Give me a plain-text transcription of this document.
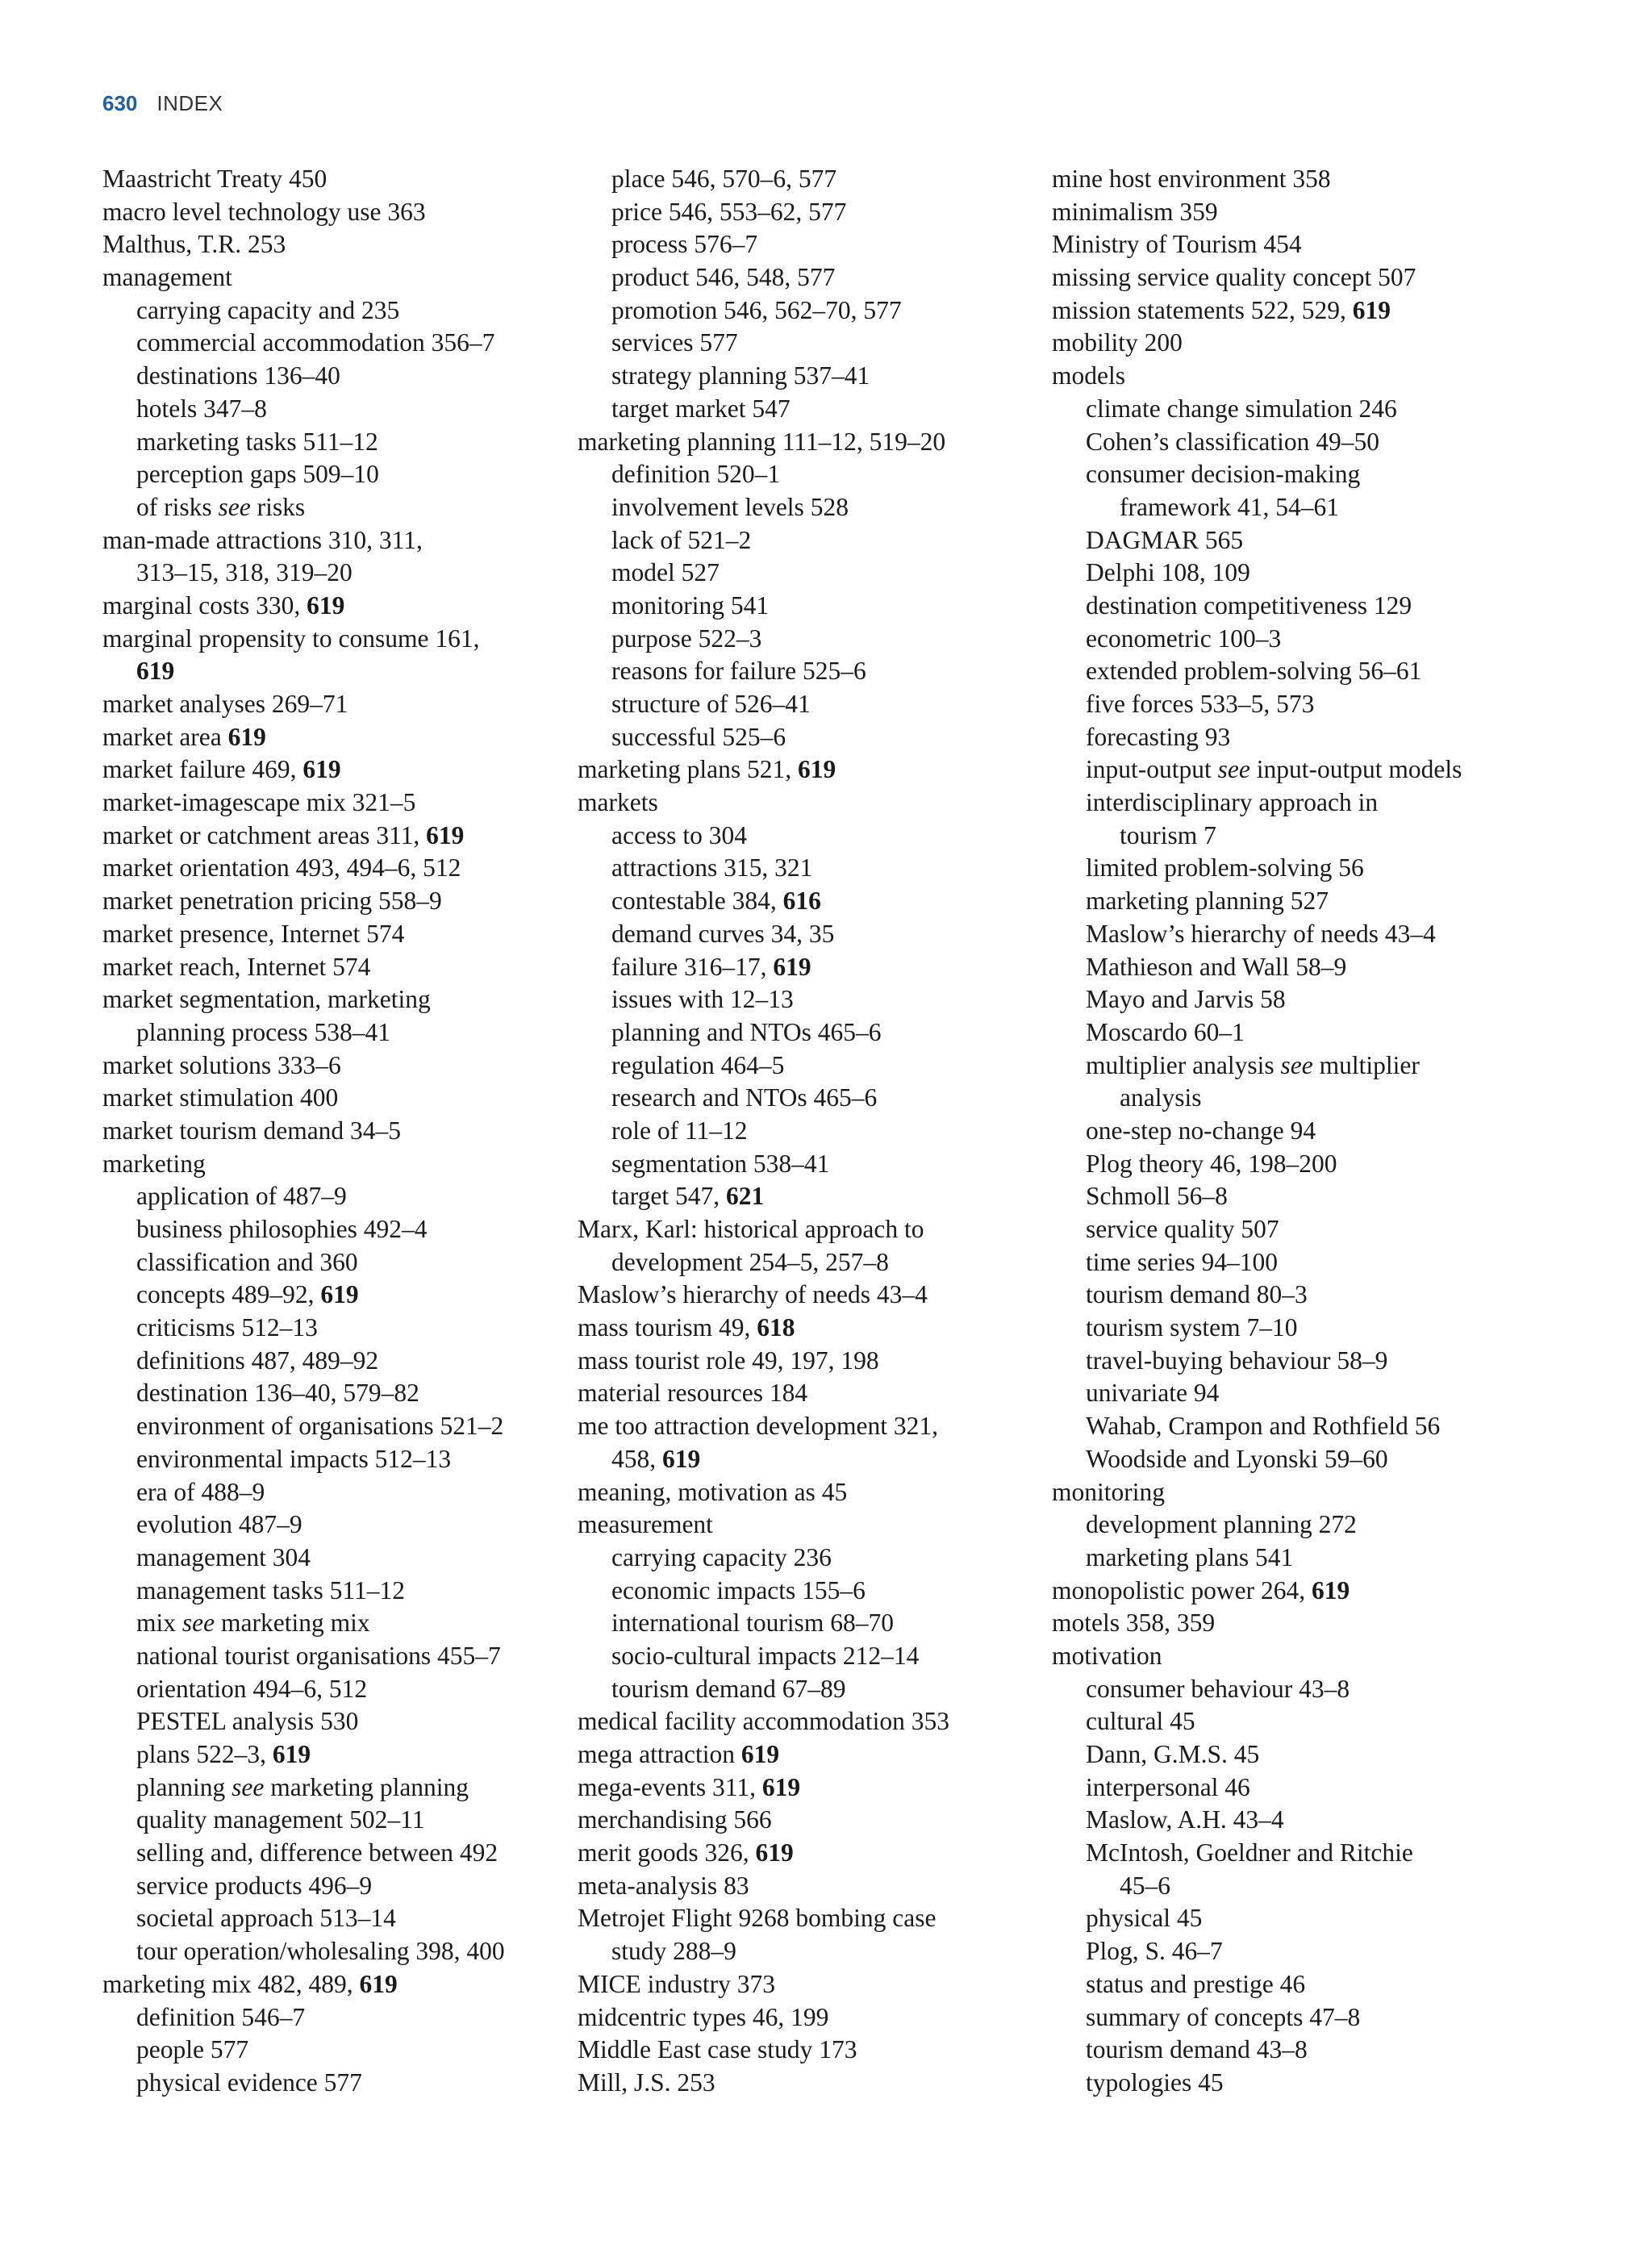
630 INDEX
Maastricht Treaty 450
macro level technology use 363
Malthus, T.R. 253
management
carrying capacity and 235
commercial accommodation 356–7
destinations 136–40
hotels 347–8
marketing tasks 511–12
perception gaps 509–10
of risks see risks
man-made attractions 310, 311,
313–15, 318, 319–20
marginal costs 330, 619
marginal propensity to consume 161,
619
market analyses 269–71
market area 619
market failure 469, 619
market-imagescape mix 321–5
market or catchment areas 311, 619
market orientation 493, 494–6, 512
market penetration pricing 558–9
market presence, Internet 574
market reach, Internet 574
market segmentation, marketing
planning process 538–41
market solutions 333–6
market stimulation 400
market tourism demand 34–5
marketing
application of 487–9
business philosophies 492–4
classification and 360
concepts 489–92, 619
criticisms 512–13
definitions 487, 489–92
destination 136–40, 579–82
environment of organisations 521–2
environmental impacts 512–13
era of 488–9
evolution 487–9
management 304
management tasks 511–12
mix see marketing mix
national tourist organisations 455–7
orientation 494–6, 512
PESTEL analysis 530
plans 522–3, 619
planning see marketing planning
quality management 502–11
selling and, difference between 492
service products 496–9
societal approach 513–14
tour operation/wholesaling 398, 400
marketing mix 482, 489, 619
definition 546–7
people 577
physical evidence 577
place 546, 570–6, 577
price 546, 553–62, 577
process 576–7
product 546, 548, 577
promotion 546, 562–70, 577
services 577
strategy planning 537–41
target market 547
marketing planning 111–12, 519–20
definition 520–1
involvement levels 528
lack of 521–2
model 527
monitoring 541
purpose 522–3
reasons for failure 525–6
structure of 526–41
successful 525–6
marketing plans 521, 619
markets
access to 304
attractions 315, 321
contestable 384, 616
demand curves 34, 35
failure 316–17, 619
issues with 12–13
planning and NTOs 465–6
regulation 464–5
research and NTOs 465–6
role of 11–12
segmentation 538–41
target 547, 621
Marx, Karl: historical approach to
development 254–5, 257–8
Maslow’s hierarchy of needs 43–4
mass tourism 49, 618
mass tourist role 49, 197, 198
material resources 184
me too attraction development 321,
458, 619
meaning, motivation as 45
measurement
carrying capacity 236
economic impacts 155–6
international tourism 68–70
socio-cultural impacts 212–14
tourism demand 67–89
medical facility accommodation 353
mega attraction 619
mega-events 311, 619
merchandising 566
merit goods 326, 619
meta-analysis 83
Metrojet Flight 9268 bombing case
study 288–9
MICE industry 373
midcentric types 46, 199
Middle East case study 173
Mill, J.S. 253
mine host environment 358
minimalism 359
Ministry of Tourism 454
missing service quality concept 507
mission statements 522, 529, 619
mobility 200
models
climate change simulation 246
Cohen’s classification 49–50
consumer decision-making
framework 41, 54–61
DAGMAR 565
Delphi 108, 109
destination competitiveness 129
econometric 100–3
extended problem-solving 56–61
five forces 533–5, 573
forecasting 93
input-output see input-output models
interdisciplinary approach in
tourism 7
limited problem-solving 56
marketing planning 527
Maslow’s hierarchy of needs 43–4
Mathieson and Wall 58–9
Mayo and Jarvis 58
Moscardo 60–1
multiplier analysis see multiplier
analysis
one-step no-change 94
Plog theory 46, 198–200
Schmoll 56–8
service quality 507
time series 94–100
tourism demand 80–3
tourism system 7–10
travel-buying behaviour 58–9
univariate 94
Wahab, Crampon and Rothfield 56
Woodside and Lyonski 59–60
monitoring
development planning 272
marketing plans 541
monopolistic power 264, 619
motels 358, 359
motivation
consumer behaviour 43–8
cultural 45
Dann, G.M.S. 45
interpersonal 46
Maslow, A.H. 43–4
McIntosh, Goeldner and Ritchie
45–6
physical 45
Plog, S. 46–7
status and prestige 46
summary of concepts 47–8
tourism demand 43–8
typologies 45
